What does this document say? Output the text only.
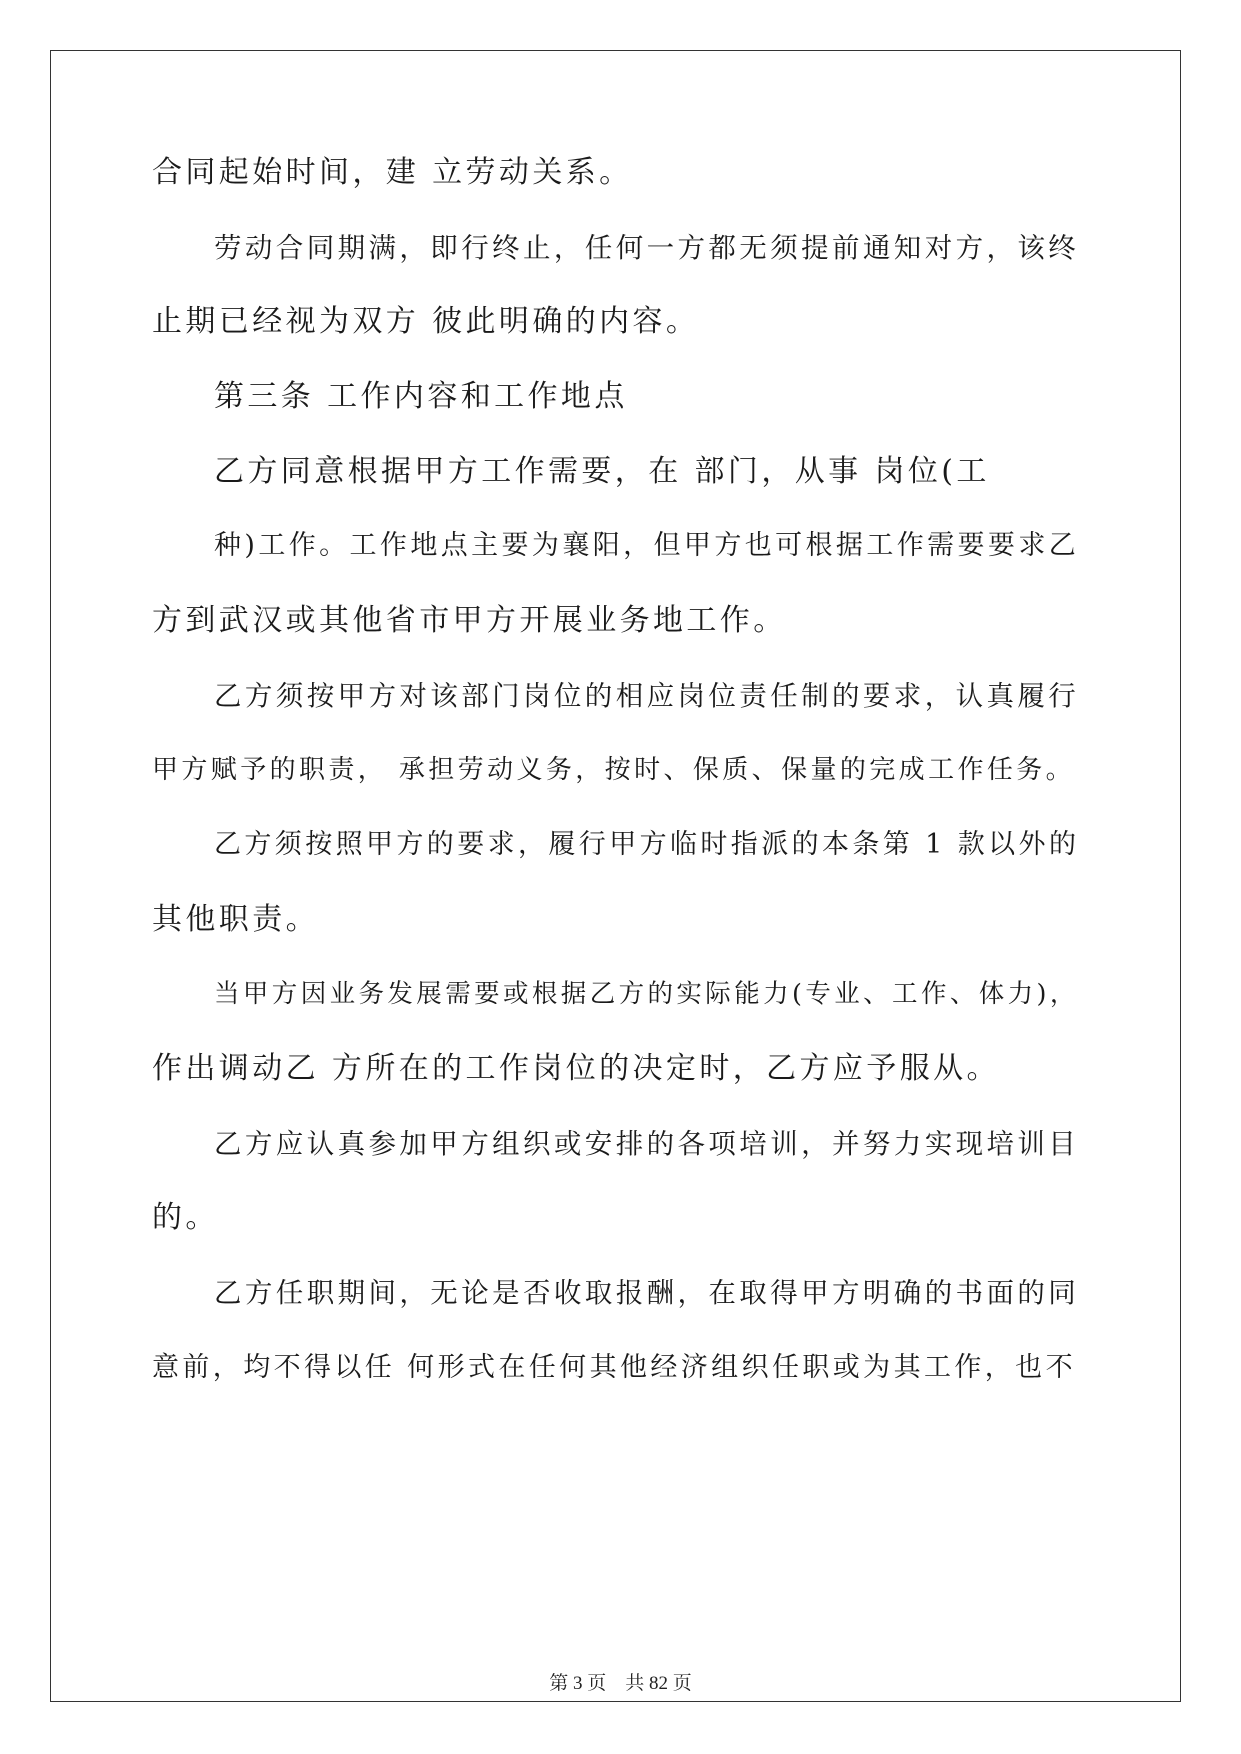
合同起始时间，建 立劳动关系。
劳动合同期满，即行终止，任何一方都无须提前通知对方，该终
止期已经视为双方 彼此明确的内容。
第三条 工作内容和工作地点
乙方同意根据甲方工作需要，在 部门，从事 岗位(工
种)工作。工作地点主要为襄阳，但甲方也可根据工作需要要求乙
方到武汉或其他省市甲方开展业务地工作。
乙方须按甲方对该部门岗位的相应岗位责任制的要求，认真履行
甲方赋予的职责， 承担劳动义务，按时、保质、保量的完成工作任务。
乙方须按照甲方的要求，履行甲方临时指派的本条第 1 款以外的
其他职责。
当甲方因业务发展需要或根据乙方的实际能力(专业、工作、体力)，
作出调动乙 方所在的工作岗位的决定时，乙方应予服从。
乙方应认真参加甲方组织或安排的各项培训，并努力实现培训目
的。
乙方任职期间，无论是否收取报酬，在取得甲方明确的书面的同
意前，均不得以任 何形式在任何其他经济组织任职或为其工作，也不
第 3 页　共 82 页
